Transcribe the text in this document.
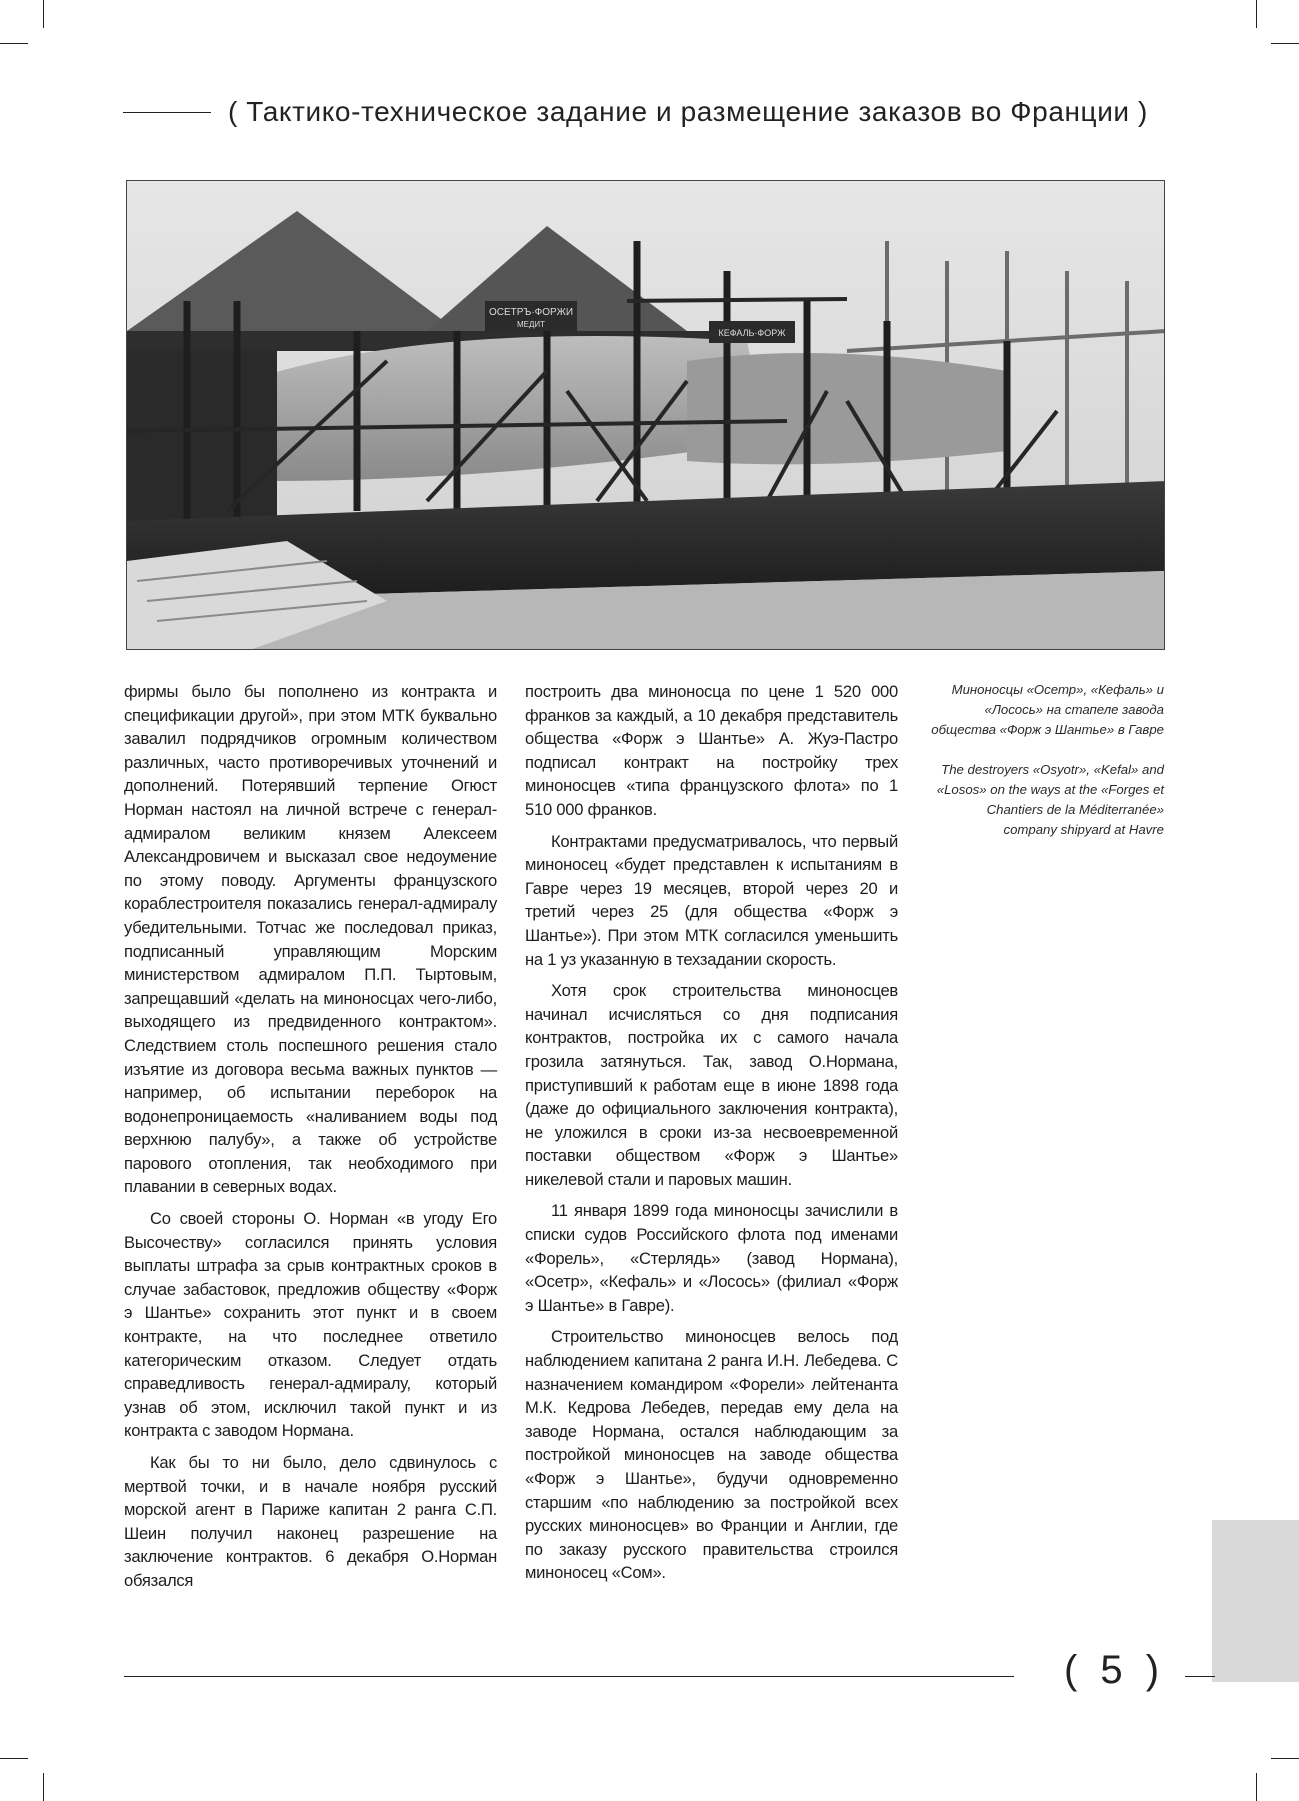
( Тактико-техническое задание и размещение заказов во Франции )
ОСЕТРЪ·ФОРЖИ
МЕДИТ
КЕФАЛЬ·ФОРЖ

фирмы было бы пополнено из контракта и спецификации другой», при этом МТК буквально завалил подрядчиков огромным количеством различных, часто противоречивых уточнений и дополнений. Потерявший терпение Огюст Норман настоял на личной встрече с генерал-адмиралом великим князем Алексеем Александровичем и высказал свое недоумение по этому поводу. Аргументы французского кораблестроителя показались генерал-адмиралу убедительными. Тотчас же последовал приказ, подписанный управляющим Морским министерством адмиралом П.П. Тыртовым, запрещавший «делать на миноносцах чего-либо, выходящего из предвиденного контрактом». Следствием столь поспешного решения стало изъятие из договора весьма важных пунктов — например, об испытании переборок на водонепроницаемость «наливанием воды под верхнюю палубу», а также об устройстве парового отопления, так необходимого при плавании в северных водах.

Со своей стороны О. Норман «в угоду Его Высочеству» согласился принять условия выплаты штрафа за срыв контрактных сроков в случае забастовок, предложив обществу «Форж э Шантье» сохранить этот пункт и в своем контракте, на что последнее ответило категорическим отказом. Следует отдать справедливость генерал-адмиралу, который узнав об этом, исключил такой пункт и из контракта с заводом Нормана.

Как бы то ни было, дело сдвинулось с мертвой точки, и в начале ноября русский морской агент в Париже капитан 2 ранга С.П. Шеин получил наконец разрешение на заключение контрактов. 6 декабря О.Норман обязался

построить два миноносца по цене 1 520 000 франков за каждый, а 10 декабря представитель общества «Форж э Шантье» А. Жуэ-Пастро подписал контракт на постройку трех миноносцев «типа французского флота» по 1 510 000 франков.

Контрактами предусматривалось, что первый миноносец «будет представлен к испытаниям в Гавре через 19 месяцев, второй через 20 и третий через 25 (для общества «Форж э Шантье»). При этом МТК согласился уменьшить на 1 уз указанную в техзадании скорость.

Хотя срок строительства миноносцев начинал исчисляться со дня подписания контрактов, постройка их с самого начала грозила затянуться. Так, завод О.Нормана, приступивший к работам еще в июне 1898 года (даже до официального заключения контракта), не уложился в сроки из-за несвоевременной поставки обществом «Форж э Шантье» никелевой стали и паровых машин.

11 января 1899 года миноносцы зачислили в списки судов Российского флота под именами «Форель», «Стерлядь» (завод Нормана), «Осетр», «Кефаль» и «Лосось» (филиал «Форж э Шантье» в Гавре).

Строительство миноносцев велось под наблюдением капитана 2 ранга И.Н. Лебедева. С назначением командиром «Форели» лейтенанта М.К. Кедрова Лебедев, передав ему дела на заводе Нормана, остался наблюдающим за постройкой миноносцев на заводе общества «Форж э Шантье», будучи одновременно старшим «по наблюдению за постройкой всех русских миноносцев» во Франции и Англии, где по заказу русского правительства строился миноносец «Сом».

Миноносцы «Осетр», «Кефаль» и «Лосось» на стапеле завода общества «Форж э Шантье» в Гавре

The destroyers «Osyotr», «Kefal» and «Losos» on the ways at the «Forges et Chantiers de la Méditerranée» company shipyard at Havre

( 5 )
